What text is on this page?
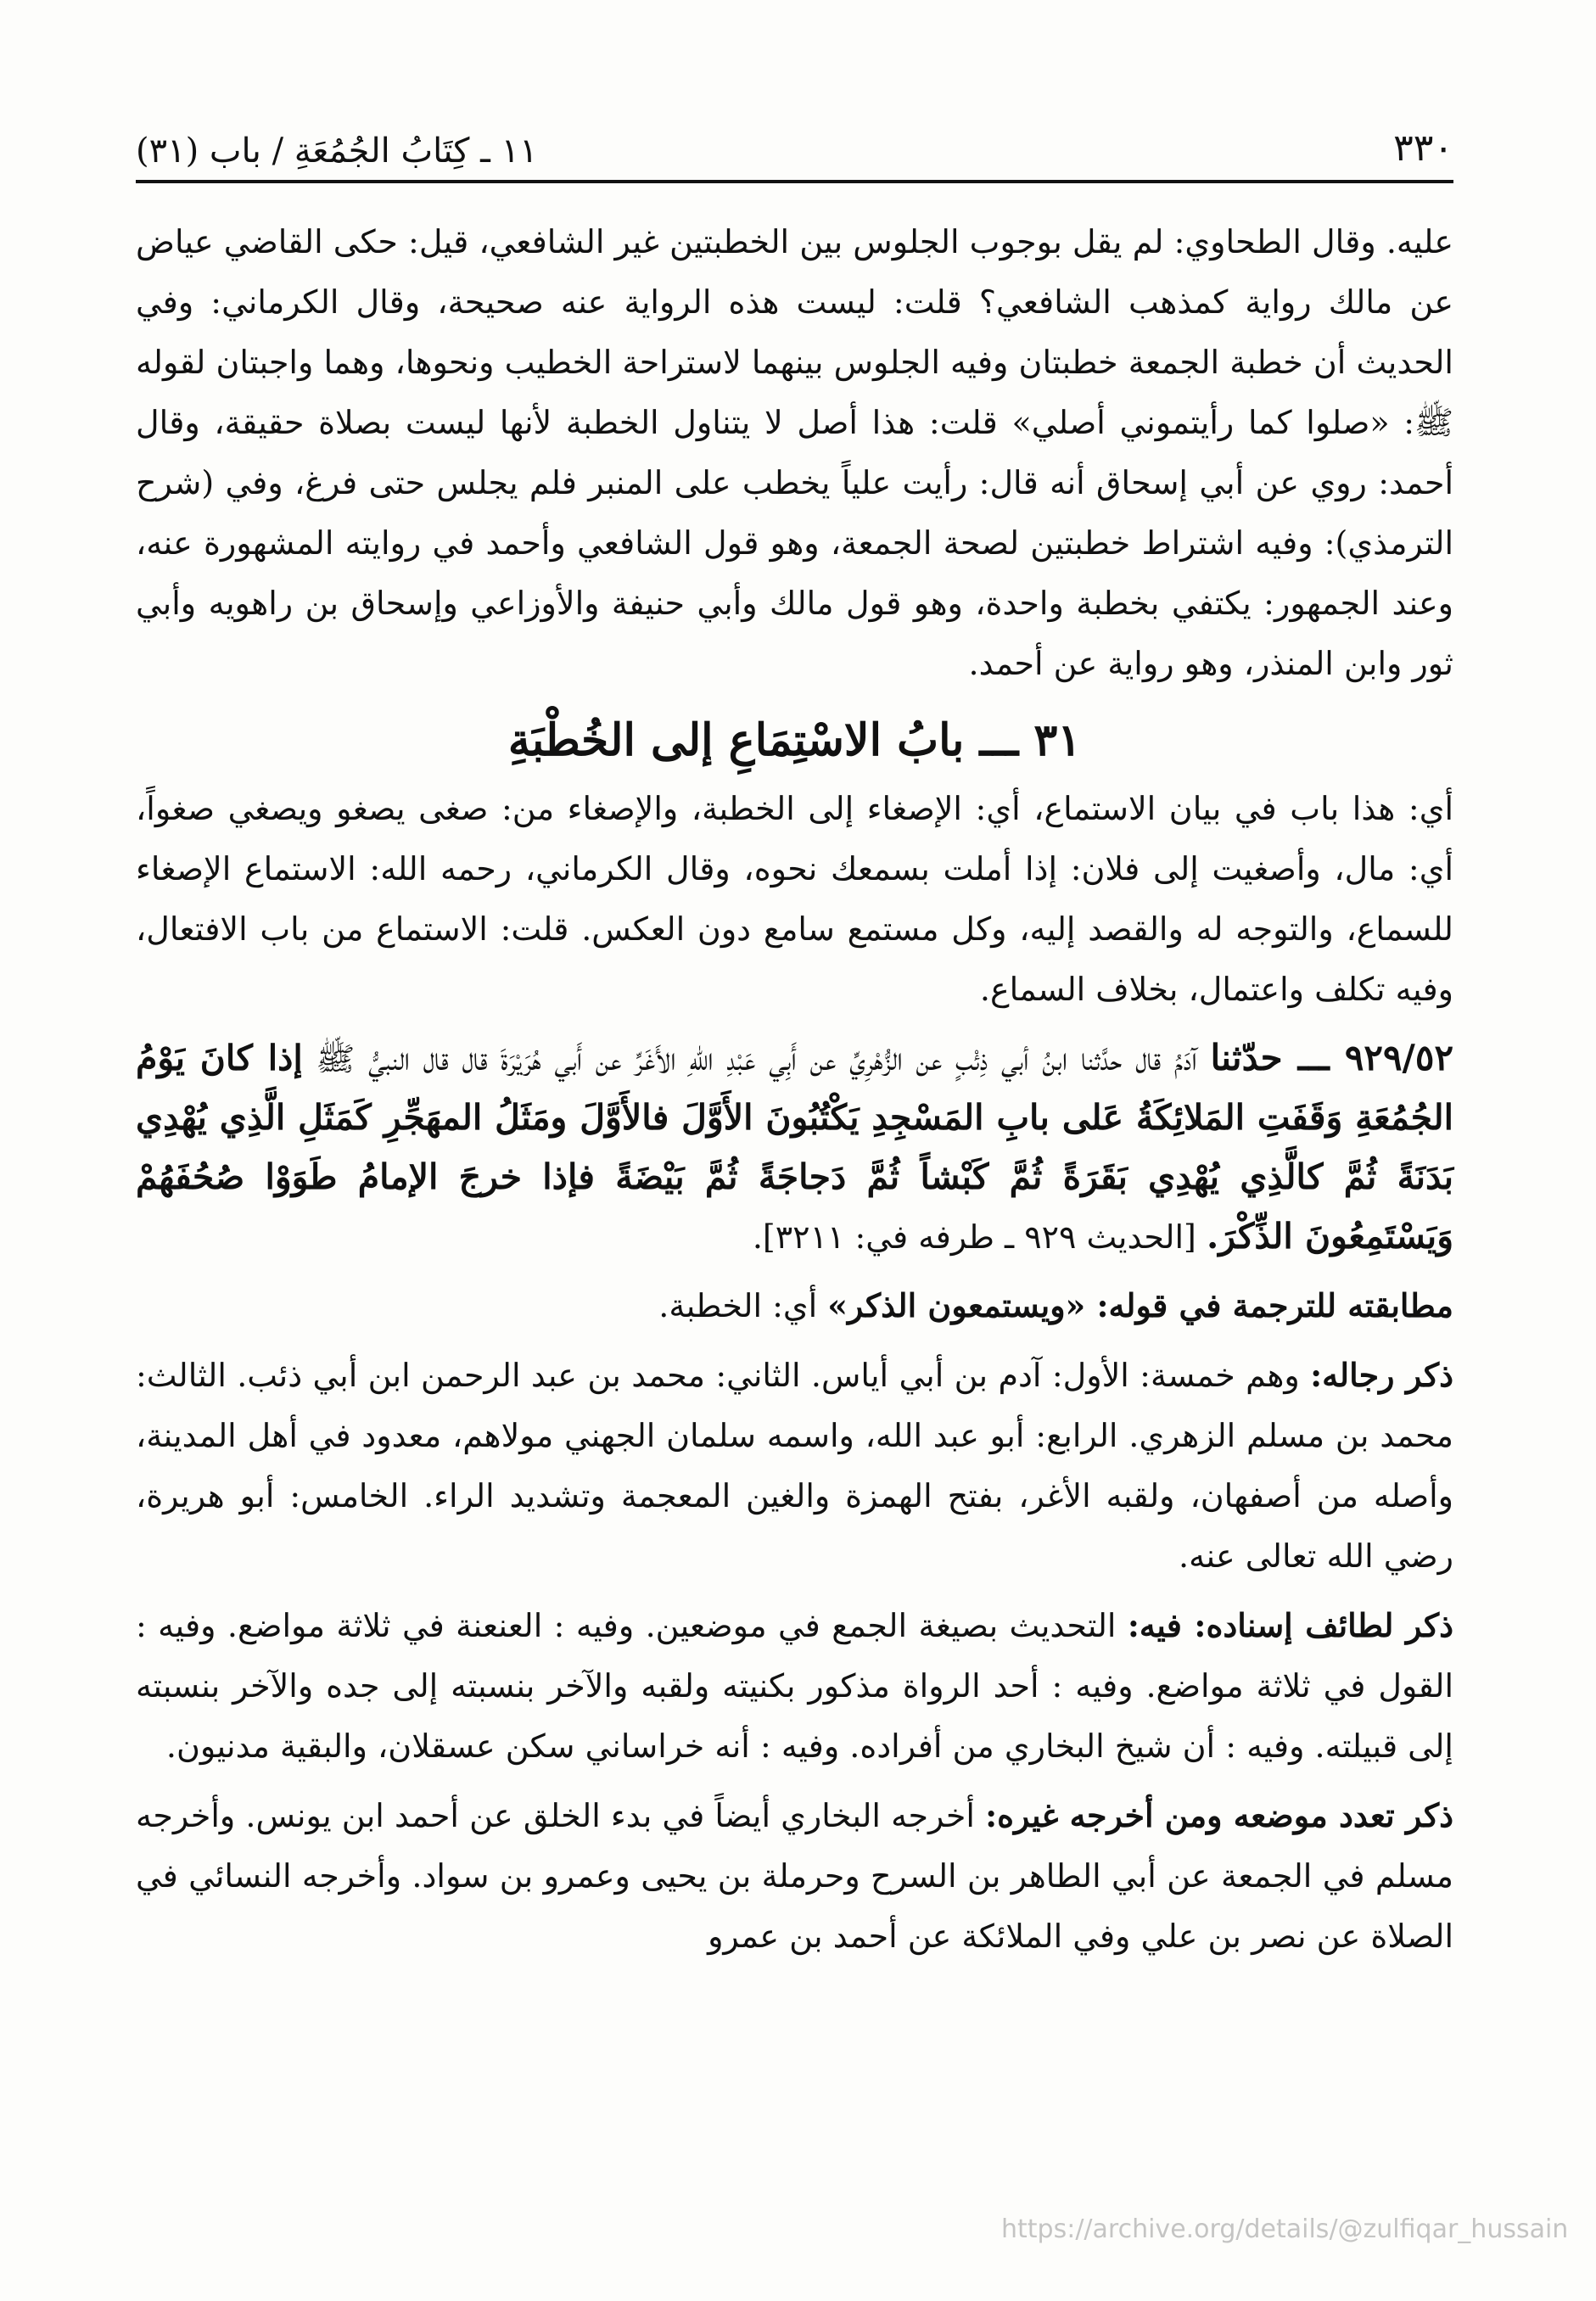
٣٣٠
١١ ـ كِتَابُ الجُمُعَةِ / باب (٣١)

عليه. وقال الطحاوي: لم يقل بوجوب الجلوس بين الخطبتين غير الشافعي، قيل: حكى القاضي عياض عن مالك رواية كمذهب الشافعي؟ قلت: ليست هذه الرواية عنه صحيحة، وقال الكرماني: وفي الحديث أن خطبة الجمعة خطبتان وفيه الجلوس بينهما لاستراحة الخطيب ونحوها، وهما واجبتان لقوله ﷺ: «صلوا كما رأيتموني أصلي» قلت: هذا أصل لا يتناول الخطبة لأنها ليست بصلاة حقيقة، وقال أحمد: روي عن أبي إسحاق أنه قال: رأيت علياً يخطب على المنبر فلم يجلس حتى فرغ، وفي (شرح الترمذي): وفيه اشتراط خطبتين لصحة الجمعة، وهو قول الشافعي وأحمد في روايته المشهورة عنه، وعند الجمهور: يكتفي بخطبة واحدة، وهو قول مالك وأبي حنيفة والأوزاعي وإسحاق بن راهويه وأبي ثور وابن المنذر، وهو رواية عن أحمد.

٣١ ـــ بابُ الاسْتِمَاعِ إلى الخُطْبَةِ

أي: هذا باب في بيان الاستماع، أي: الإصغاء إلى الخطبة، والإصغاء من: صغى يصغو ويصغي صغواً، أي: مال، وأصغيت إلى فلان: إذا أملت بسمعك نحوه، وقال الكرماني، رحمه الله: الاستماع الإصغاء للسماع، والتوجه له والقصد إليه، وكل مستمع سامع دون العكس. قلت: الاستماع من باب الافتعال، وفيه تكلف واعتمال، بخلاف السماع.

٩٢٩/٥٢ ـــ حدّثنا آدَمُ قال حدَّثنا ابنُ أبي ذِئْبٍ عن الزُّهْرِيِّ عن أَبِي عَبْدِ اللهِ الأَغَرِّ عن أَبي هُرَيْرَةَ قال قال النبيُّ ﷺ إذا كانَ يَوْمُ الجُمُعَةِ وَقَفَتِ المَلائِكَةُ عَلى بابِ المَسْجِدِ يَكْتُبُونَ الأَوَّلَ فالأَوَّلَ ومَثَلُ المهَجِّرِ كَمَثَلِ الَّذِي يُهْدِي بَدَنَةً ثُمَّ كالَّذِي يُهْدِي بَقَرَةً ثُمَّ كَبْشاً ثُمَّ دَجاجَةً ثُمَّ بَيْضَةً فإذا خرجَ الإمامُ طَوَوْا صُحُفَهُمْ وَيَسْتَمِعُونَ الذِّكْرَ. [الحديث ٩٢٩ ـ طرفه في: ٣٢١١].

مطابقته للترجمة في قوله: «ويستمعون الذكر» أي: الخطبة.

ذكر رجاله: وهم خمسة: الأول: آدم بن أبي أياس. الثاني: محمد بن عبد الرحمن ابن أبي ذئب. الثالث: محمد بن مسلم الزهري. الرابع: أبو عبد الله، واسمه سلمان الجهني مولاهم، معدود في أهل المدينة، وأصله من أصفهان، ولقبه الأغر، بفتح الهمزة والغين المعجمة وتشديد الراء. الخامس: أبو هريرة، رضي الله تعالى عنه.

ذكر لطائف إسناده: فيه: التحديث بصيغة الجمع في موضعين. وفيه : العنعنة في ثلاثة مواضع. وفيه : القول في ثلاثة مواضع. وفيه : أحد الرواة مذكور بكنيته ولقبه والآخر بنسبته إلى جده والآخر بنسبته إلى قبيلته. وفيه : أن شيخ البخاري من أفراده. وفيه : أنه خراساني سكن عسقلان، والبقية مدنيون.

ذكر تعدد موضعه ومن أخرجه غيره: أخرجه البخاري أيضاً في بدء الخلق عن أحمد ابن يونس. وأخرجه مسلم في الجمعة عن أبي الطاهر بن السرح وحرملة بن يحيى وعمرو بن سواد. وأخرجه النسائي في الصلاة عن نصر بن علي وفي الملائكة عن أحمد بن عمرو

https://archive.org/details/@zulfiqar_hussain
